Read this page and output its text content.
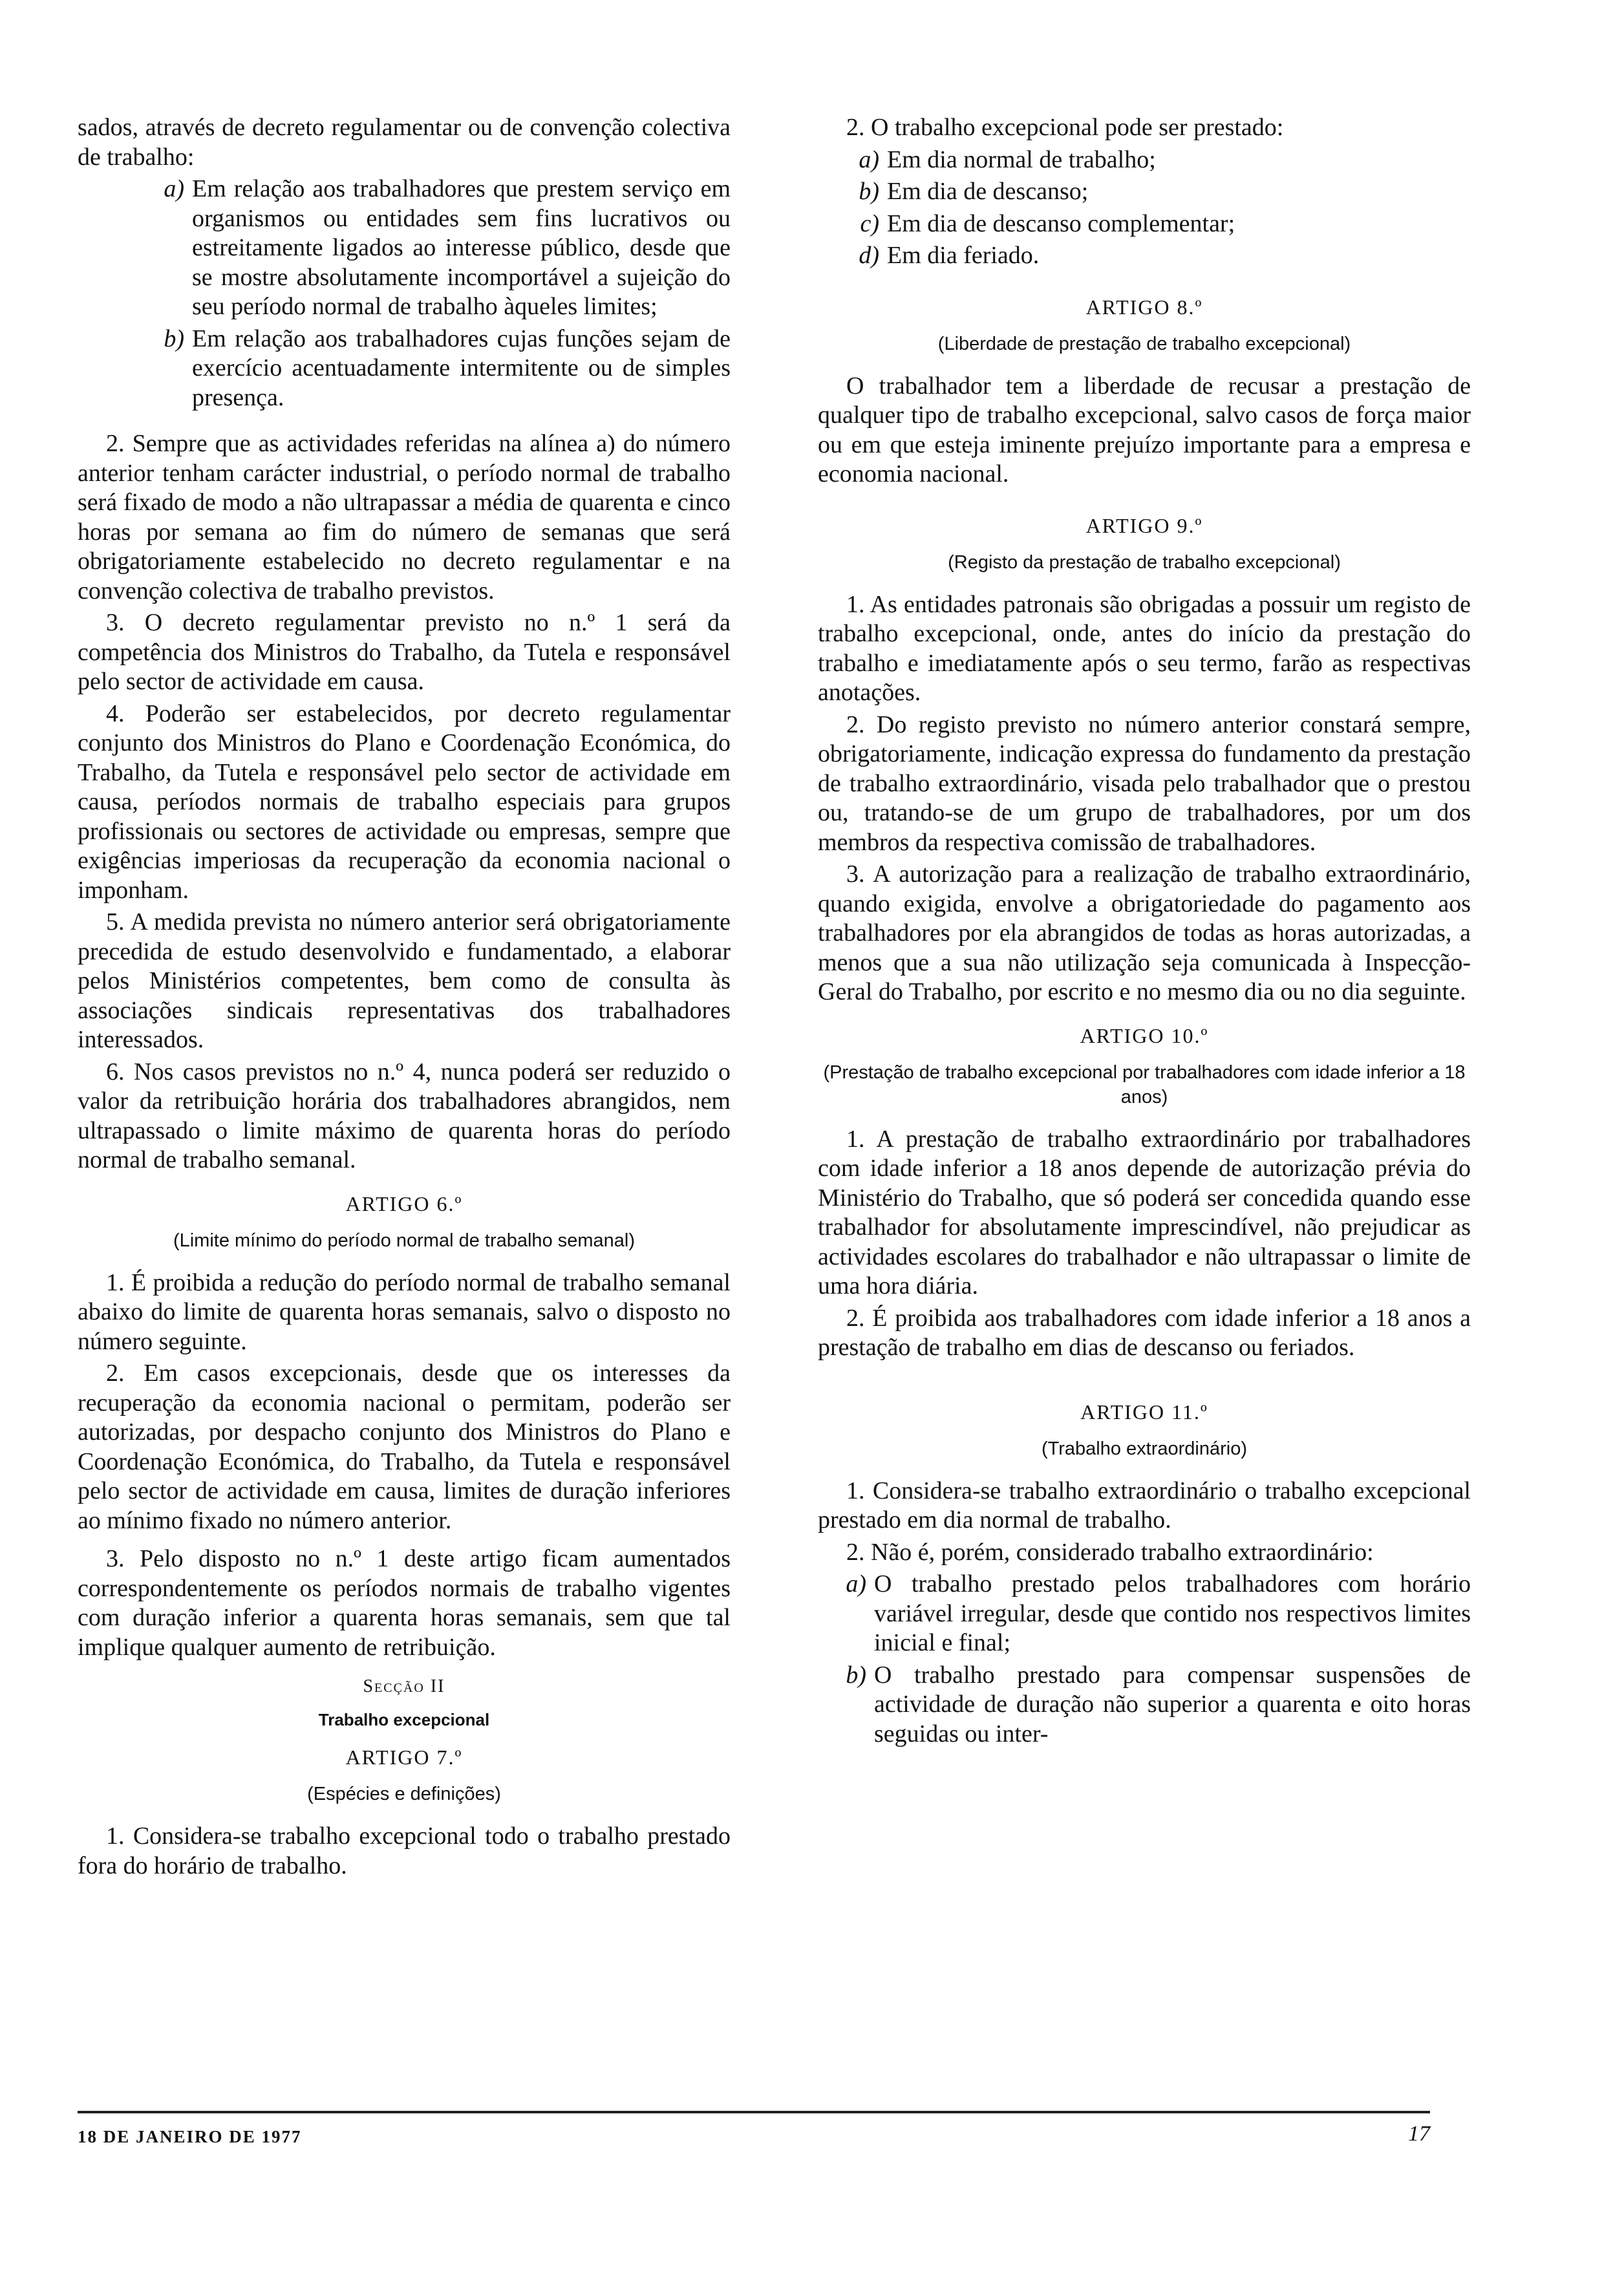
sados, através de decreto regulamentar ou de convenção colectiva de trabalho:

a) Em relação aos trabalhadores que prestem serviço em organismos ou entidades sem fins lucrativos ou estreitamente ligados ao interesse público, desde que se mostre absolutamente incomportável a sujeição do seu período normal de trabalho àqueles limites;
b) Em relação aos trabalhadores cujas funções sejam de exercício acentuadamente intermitente ou de simples presença.

2. Sempre que as actividades referidas na alínea a) do número anterior tenham carácter industrial, o período normal de trabalho será fixado de modo a não ultrapassar a média de quarenta e cinco horas por semana ao fim do número de semanas que será obrigatoriamente estabelecido no decreto regulamentar e na convenção colectiva de trabalho previstos.

3. O decreto regulamentar previsto no n.º 1 será da competência dos Ministros do Trabalho, da Tutela e responsável pelo sector de actividade em causa.

4. Poderão ser estabelecidos, por decreto regulamentar conjunto dos Ministros do Plano e Coordenação Económica, do Trabalho, da Tutela e responsável pelo sector de actividade em causa, períodos normais de trabalho especiais para grupos profissionais ou sectores de actividade ou empresas, sempre que exigências imperiosas da recuperação da economia nacional o imponham.

5. A medida prevista no número anterior será obrigatoriamente precedida de estudo desenvolvido e fundamentado, a elaborar pelos Ministérios competentes, bem como de consulta às associações sindicais representativas dos trabalhadores interessados.

6. Nos casos previstos no n.º 4, nunca poderá ser reduzido o valor da retribuição horária dos trabalhadores abrangidos, nem ultrapassado o limite máximo de quarenta horas do período normal de trabalho semanal.

ARTIGO 6.º
(Limite mínimo do período normal de trabalho semanal)

1. É proibida a redução do período normal de trabalho semanal abaixo do limite de quarenta horas semanais, salvo o disposto no número seguinte.

2. Em casos excepcionais, desde que os interesses da recuperação da economia nacional o permitam, poderão ser autorizadas, por despacho conjunto dos Ministros do Plano e Coordenação Económica, do Trabalho, da Tutela e responsável pelo sector de actividade em causa, limites de duração inferiores ao mínimo fixado no número anterior.

3. Pelo disposto no n.º 1 deste artigo ficam aumentados correspondentemente os períodos normais de trabalho vigentes com duração inferior a quarenta horas semanais, sem que tal implique qualquer aumento de retribuição.

Secção II
Trabalho excepcional
ARTIGO 7.º
(Espécies e definições)

1. Considera-se trabalho excepcional todo o trabalho prestado fora do horário de trabalho.

2. O trabalho excepcional pode ser prestado:

a) Em dia normal de trabalho;
b) Em dia de descanso;
c) Em dia de descanso complementar;
d) Em dia feriado.
ARTIGO 8.º
(Liberdade de prestação de trabalho excepcional)

O trabalhador tem a liberdade de recusar a prestação de qualquer tipo de trabalho excepcional, salvo casos de força maior ou em que esteja iminente prejuízo importante para a empresa e economia nacional.

ARTIGO 9.º
(Registo da prestação de trabalho excepcional)

1. As entidades patronais são obrigadas a possuir um registo de trabalho excepcional, onde, antes do início da prestação do trabalho e imediatamente após o seu termo, farão as respectivas anotações.

2. Do registo previsto no número anterior constará sempre, obrigatoriamente, indicação expressa do fundamento da prestação de trabalho extraordinário, visada pelo trabalhador que o prestou ou, tratando-se de um grupo de trabalhadores, por um dos membros da respectiva comissão de trabalhadores.

3. A autorização para a realização de trabalho extraordinário, quando exigida, envolve a obrigatoriedade do pagamento aos trabalhadores por ela abrangidos de todas as horas autorizadas, a menos que a sua não utilização seja comunicada à Inspecção-Geral do Trabalho, por escrito e no mesmo dia ou no dia seguinte.

ARTIGO 10.º
(Prestação de trabalho excepcional por trabalhadores com idade inferior a 18 anos)

1. A prestação de trabalho extraordinário por trabalhadores com idade inferior a 18 anos depende de autorização prévia do Ministério do Trabalho, que só poderá ser concedida quando esse trabalhador for absolutamente imprescindível, não prejudicar as actividades escolares do trabalhador e não ultrapassar o limite de uma hora diária.

2. É proibida aos trabalhadores com idade inferior a 18 anos a prestação de trabalho em dias de descanso ou feriados.

ARTIGO 11.º
(Trabalho extraordinário)

1. Considera-se trabalho extraordinário o trabalho excepcional prestado em dia normal de trabalho.

2. Não é, porém, considerado trabalho extraordinário:

a) O trabalho prestado pelos trabalhadores com horário variável irregular, desde que contido nos respectivos limites inicial e final;
b) O trabalho prestado para compensar suspensões de actividade de duração não superior a quarenta e oito horas seguidas ou inter-
18 DE JANEIRO DE 1977	17
